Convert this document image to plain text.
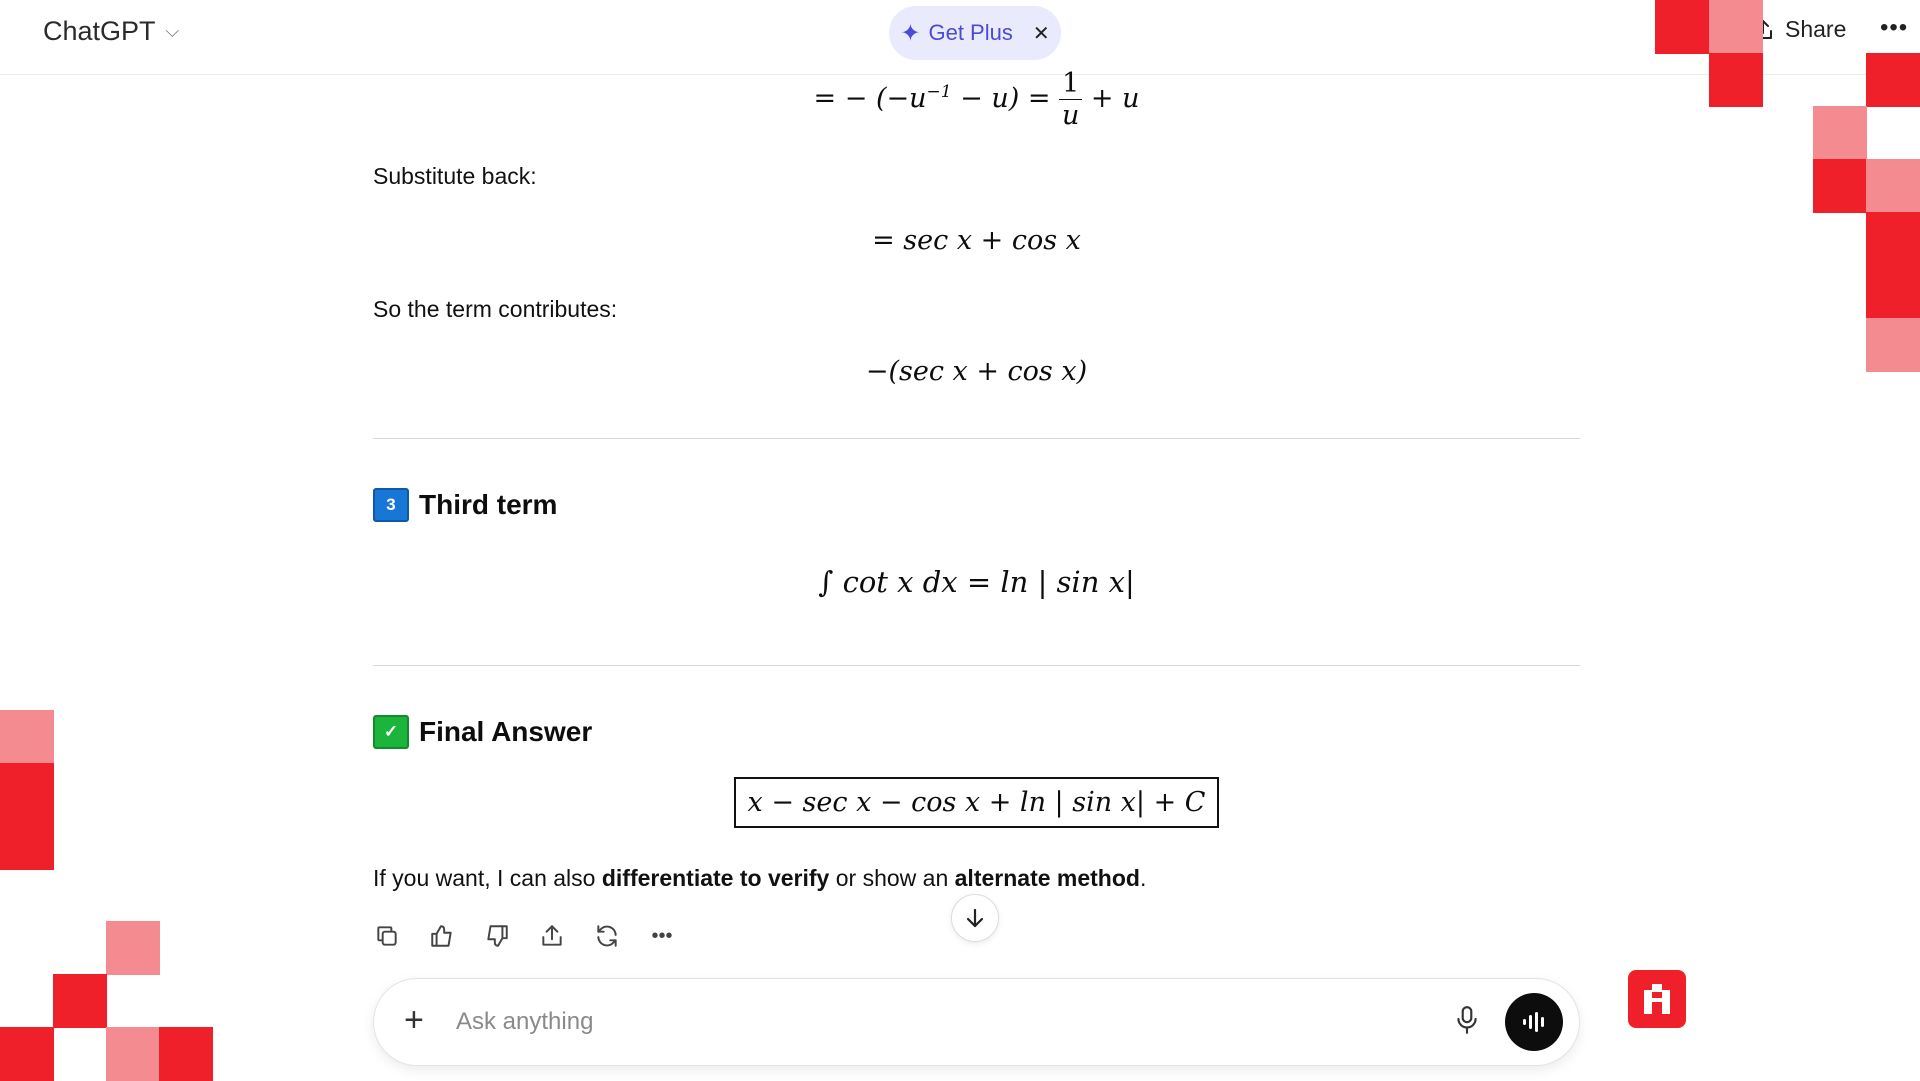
ChatGPT ⌵	✦ Get Plus ✕	Share •••
= − $(-u^{-1} - u) = \frac{1}{u} + u$
Substitute back:
= sec x + cos x
So the term contributes:
−(sec x + cos x)
3 Third term
∫ cot x dx = ln | sin x|
✓ Final Answer
x − sec x − cos x + ln | sin x| + C
If you want, I can also differentiate to verify or show an alternate method.
•••
+
Ask anything
